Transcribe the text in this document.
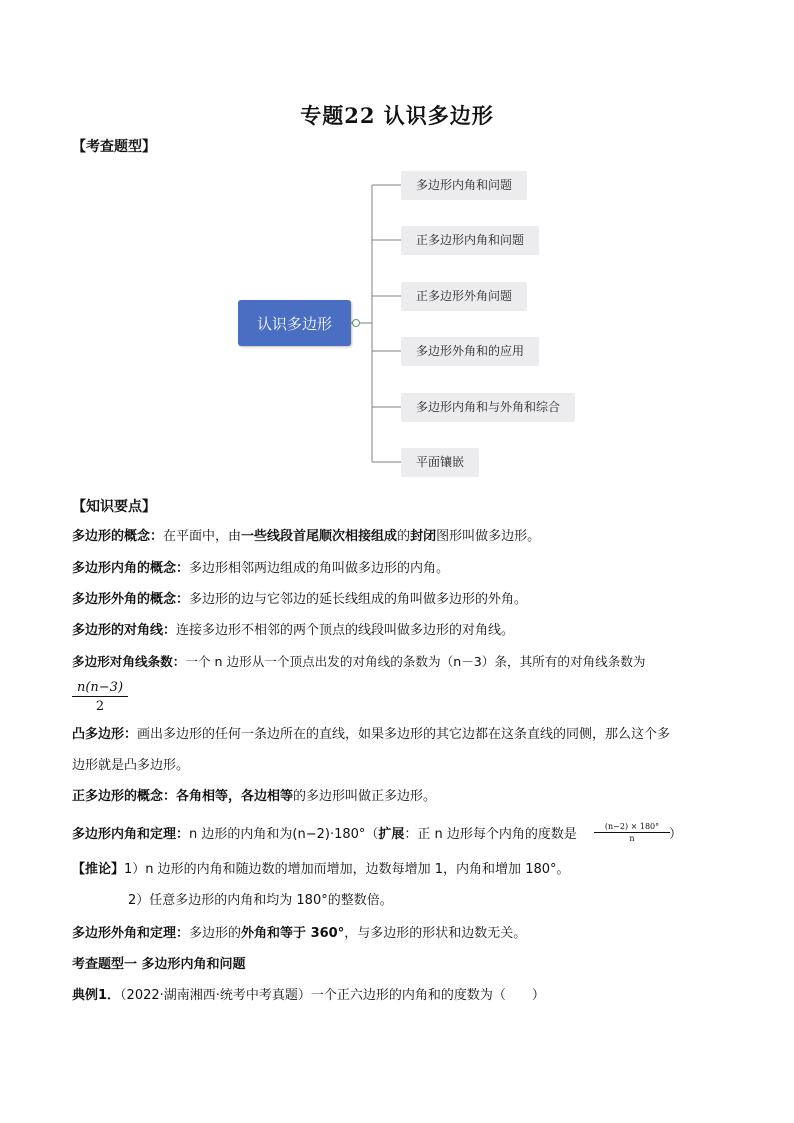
专题22 认识多边形
【考查题型】
认识多边形
多边形内角和问题
正多边形内角和问题
正多边形外角问题
多边形外角和的应用
多边形内角和与外角和综合
平面镶嵌
【知识要点】
多边形的概念：在平面中，由一些线段首尾顺次相接组成的封闭图形叫做多边形。
多边形内角的概念：多边形相邻两边组成的角叫做多边形的内角。
多边形外角的概念：多边形的边与它邻边的延长线组成的角叫做多边形的外角。
多边形的对角线：连接多边形不相邻的两个顶点的线段叫做多边形的对角线。
多边形对角线条数：一个 n 边形从一个顶点出发的对角线的条数为（n－3）条，其所有的对角线条数为
$\frac{n(n-3)}{2}$
凸多边形：画出多边形的任何一条边所在的直线，如果多边形的其它边都在这条直线的同侧，那么这个多
边形就是凸多边形。
正多边形的概念：各角相等，各边相等的多边形叫做正多边形。
多边形内角和定理：n 边形的内角和为(n−2)·180°（扩展：正 n 边形每个内角的度数是	$\frac{(n-2) \times 180^\circ}{n}$ ）
【推论】1）n 边形的内角和随边数的增加而增加，边数每增加 1，内角和增加 180°。
2）任意多边形的内角和均为 180°的整数倍。
多边形外角和定理：多边形的外角和等于 360°，与多边形的形状和边数无关。
考查题型一 多边形内角和问题
典例1．（2022·湖南湘西·统考中考真题）一个正六边形的内角和的度数为（　　）
